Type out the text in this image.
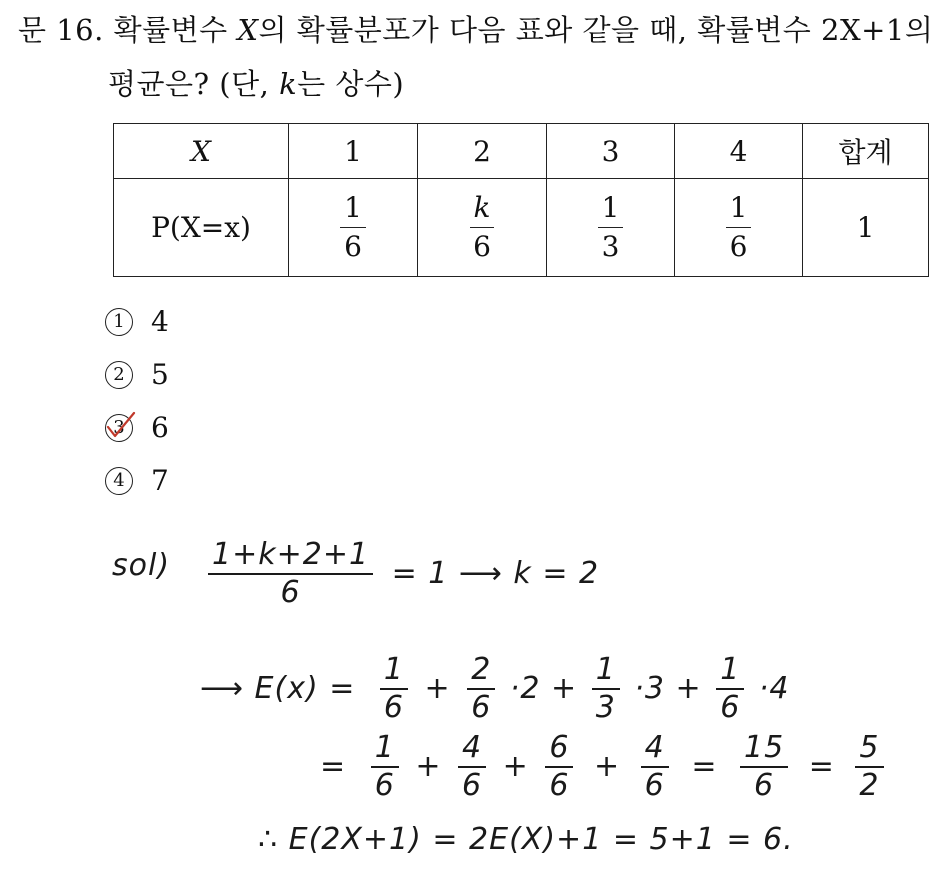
문 16. 확률변수 X의 확률분포가 다음 표와 같을 때, 확률변수 2X+1의
평균은? (단, k는 상수)
X	1	2	3	4	합계
P(X=x)	$\frac{1}{6}$	$\frac{k}{6}$	$\frac{1}{3}$	$\frac{1}{6}$	1
1 4
2 5
3 6
4 7
$sol) \frac{1+k+2+1}{6} = 1$ ⟶ k = 2
⟶ $E(x) = \frac{1}{6} + \frac{2}{6} \cdot 2 + \frac{1}{3} \cdot 3 + \frac{1}{6} \cdot 4$
= $\frac{1}{6} + \frac{4}{6} + \frac{6}{6} + \frac{4}{6} = \frac{15}{6} = \frac{5}{2}$
∴ E(2X+1) = 2E(X)+1 = 5+1 = 6.
